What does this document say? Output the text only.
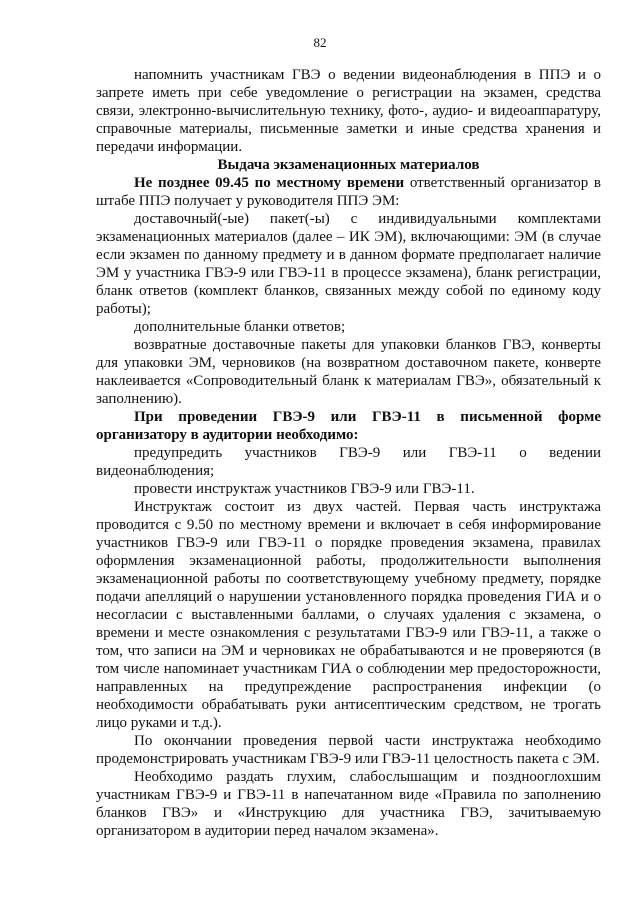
82

напомнить участникам ГВЭ о ведении видеонаблюдения в ППЭ и о запрете иметь при себе уведомление о регистрации на экзамен, средства связи, электронно-вычислительную технику, фото-, аудио- и видеоаппаратуру, справочные материалы, письменные заметки и иные средства хранения и передачи информации.

Выдача экзаменационных материалов

Не позднее 09.45 по местному времени ответственный организатор в штабе ППЭ получает у руководителя ППЭ ЭМ:

доставочный(-ые) пакет(-ы) с индивидуальными комплектами экзаменационных материалов (далее – ИК ЭМ), включающими: ЭМ (в случае если экзамен по данному предмету и в данном формате предполагает наличие ЭМ у участника ГВЭ-9 или ГВЭ-11 в процессе экзамена), бланк регистрации, бланк ответов (комплект бланков, связанных между собой по единому коду работы);

дополнительные бланки ответов;

возвратные доставочные пакеты для упаковки бланков ГВЭ, конверты для упаковки ЭМ, черновиков (на возвратном доставочном пакете, конверте наклеивается «Сопроводительный бланк к материалам ГВЭ», обязательный к заполнению).

При проведении ГВЭ-9 или ГВЭ-11 в письменной форме организатору в аудитории необходимо:

предупредить участников ГВЭ-9 или ГВЭ-11 о ведении видеонаблюдения;

провести инструктаж участников ГВЭ-9 или ГВЭ-11.

Инструктаж состоит из двух частей. Первая часть инструктажа проводится с 9.50 по местному времени и включает в себя информирование участников ГВЭ-9 или ГВЭ-11 о порядке проведения экзамена, правилах оформления экзаменационной работы, продолжительности выполнения экзаменационной работы по соответствующему учебному предмету, порядке подачи апелляций о нарушении установленного порядка проведения ГИА и о несогласии с выставленными баллами, о случаях удаления с экзамена, о времени и месте ознакомления с результатами ГВЭ-9 или ГВЭ-11, а также о том, что записи на ЭМ и черновиках не обрабатываются и не проверяются (в том числе напоминает участникам ГИА о соблюдении мер предосторожности, направленных на предупреждение распространения инфекции (о необходимости обрабатывать руки антисептическим средством, не трогать лицо руками и т.д.).

По окончании проведения первой части инструктажа необходимо продемонстрировать участникам ГВЭ-9 или ГВЭ-11 целостность пакета с ЭМ.

Необходимо раздать глухим, слабослышащим и позднооглохшим участникам ГВЭ-9 и ГВЭ-11 в напечатанном виде «Правила по заполнению бланков ГВЭ» и «Инструкцию для участника ГВЭ, зачитываемую организатором в аудитории перед началом экзамена».
